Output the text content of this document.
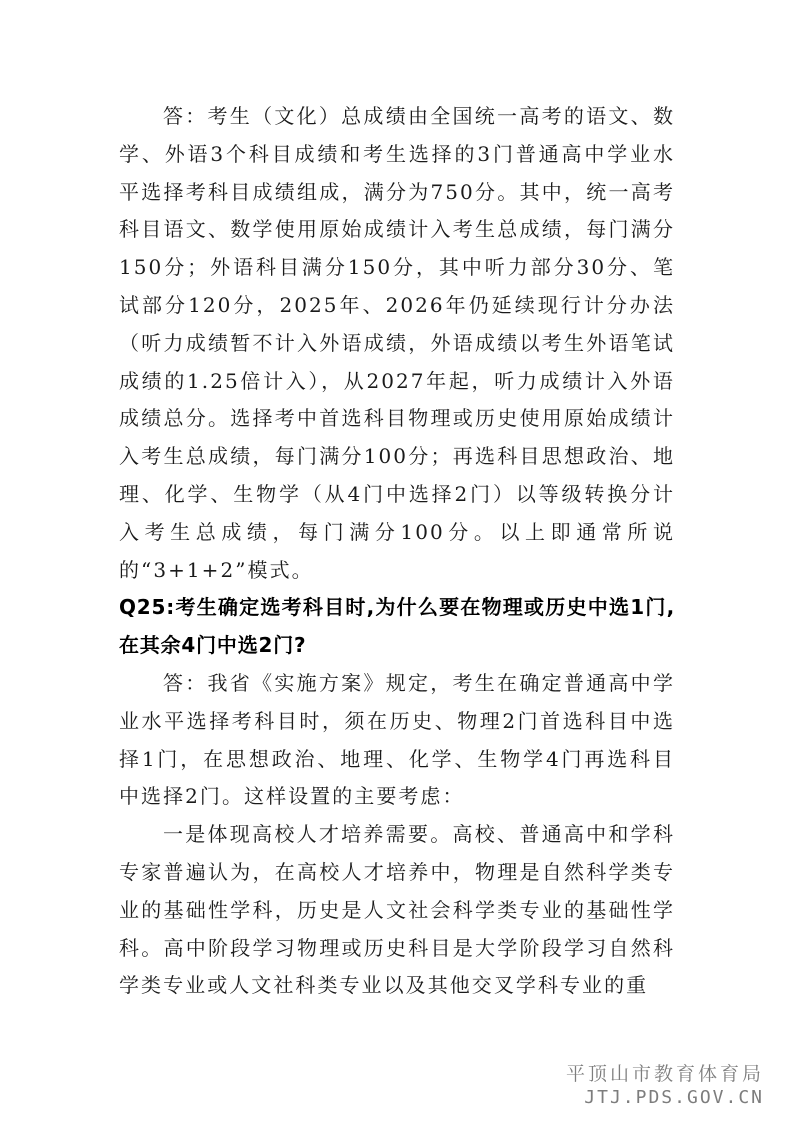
答：考生（文化）总成绩由全国统一高考的语文、数学、外语3个科目成绩和考生选择的3门普通高中学业水平选择考科目成绩组成，满分为750分。其中，统一高考科目语文、数学使用原始成绩计入考生总成绩，每门满分150分；外语科目满分150分，其中听力部分30分、笔试部分120分，2025年、2026年仍延续现行计分办法（听力成绩暂不计入外语成绩，外语成绩以考生外语笔试成绩的1.25倍计入），从2027年起，听力成绩计入外语成绩总分。选择考中首选科目物理或历史使用原始成绩计入考生总成绩，每门满分100分；再选科目思想政治、地理、化学、生物学（从4门中选择2门）以等级转换分计入考生总成绩，每门满分100分。以上即通常所说的“3+1+2”模式。

Q25:考生确定选考科目时,为什么要在物理或历史中选1门,在其余4门中选2门?

答：我省《实施方案》规定，考生在确定普通高中学业水平选择考科目时，须在历史、物理2门首选科目中选择1门，在思想政治、地理、化学、生物学4门再选科目中选择2门。这样设置的主要考虑：

一是体现高校人才培养需要。高校、普通高中和学科专家普遍认为，在高校人才培养中，物理是自然科学类专业的基础性学科，历史是人文社会科学类专业的基础性学科。高中阶段学习物理或历史科目是大学阶段学习自然科学类专业或人文社科类专业以及其他交叉学科专业的重

平顶山市教育体育局
JTJ.PDS.GOV.CN
